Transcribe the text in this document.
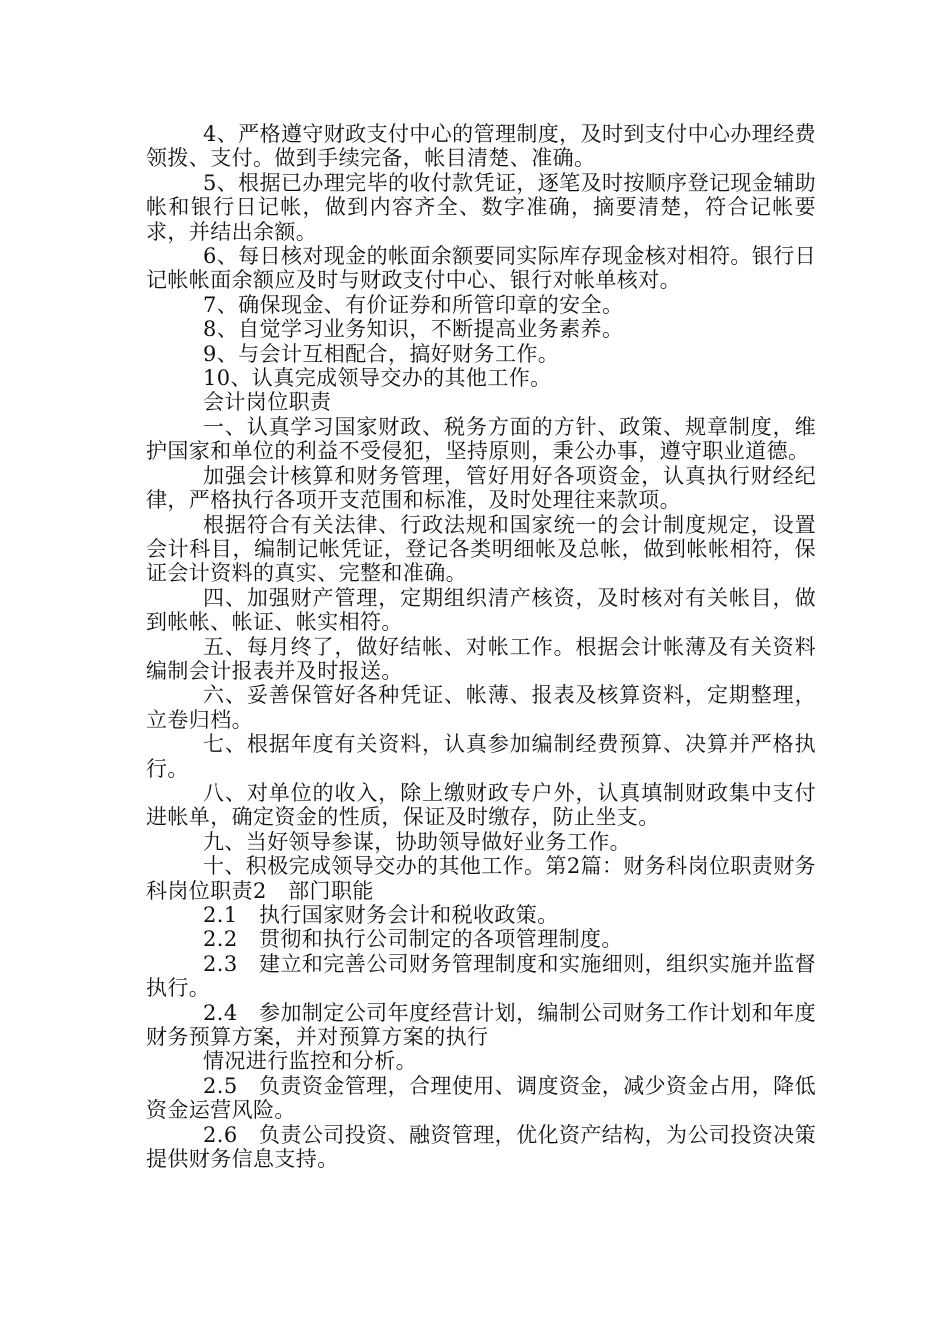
4、严格遵守财政支付中心的管理制度，及时到支付中心办理经费领拨、支付。做到手续完备，帐目清楚、准确。

5、根据已办理完毕的收付款凭证，逐笔及时按顺序登记现金辅助帐和银行日记帐，做到内容齐全、数字准确，摘要清楚，符合记帐要求，并结出余额。

6、每日核对现金的帐面余额要同实际库存现金核对相符。银行日记帐帐面余额应及时与财政支付中心、银行对帐单核对。

7、确保现金、有价证券和所管印章的安全。

8、自觉学习业务知识，不断提高业务素养。

9、与会计互相配合，搞好财务工作。

10、认真完成领导交办的其他工作。

会计岗位职责

一、认真学习国家财政、税务方面的方针、政策、规章制度，维护国家和单位的利益不受侵犯，坚持原则，秉公办事，遵守职业道德。

加强会计核算和财务管理，管好用好各项资金，认真执行财经纪律，严格执行各项开支范围和标准，及时处理往来款项。

根据符合有关法律、行政法规和国家统一的会计制度规定，设置会计科目，编制记帐凭证，登记各类明细帐及总帐，做到帐帐相符，保证会计资料的真实、完整和准确。

四、加强财产管理，定期组织清产核资，及时核对有关帐目，做到帐帐、帐证、帐实相符。

五、每月终了，做好结帐、对帐工作。根据会计帐薄及有关资料编制会计报表并及时报送。

六、妥善保管好各种凭证、帐薄、报表及核算资料，定期整理，立卷归档。

七、根据年度有关资料，认真参加编制经费预算、决算并严格执行。

八、对单位的收入，除上缴财政专户外，认真填制财政集中支付进帐单，确定资金的性质，保证及时缴存，防止坐支。

九、当好领导参谋，协助领导做好业务工作。

十、积极完成领导交办的其他工作。第2篇：财务科岗位职责财务科岗位职责2　部门职能

2.1　执行国家财务会计和税收政策。

2.2　贯彻和执行公司制定的各项管理制度。

2.3　建立和完善公司财务管理制度和实施细则，组织实施并监督执行。

2.4　参加制定公司年度经营计划，编制公司财务工作计划和年度财务预算方案，并对预算方案的执行

情况进行监控和分析。

2.5　负责资金管理，合理使用、调度资金，减少资金占用，降低资金运营风险。

2.6　负责公司投资、融资管理，优化资产结构，为公司投资决策提供财务信息支持。
